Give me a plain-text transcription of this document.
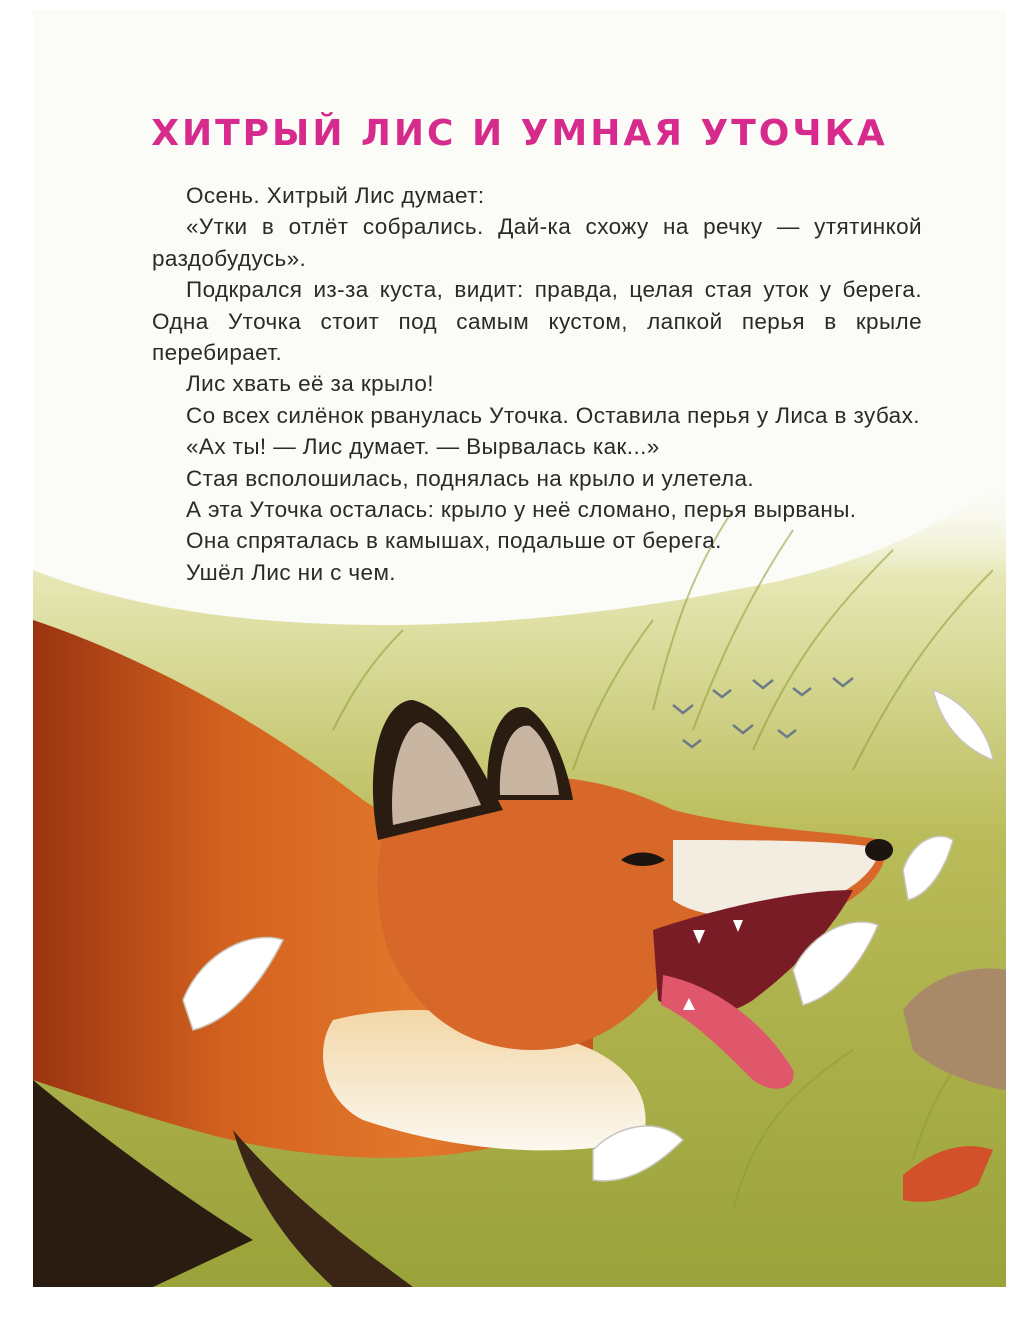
ХИТРЫЙ ЛИС И УМНАЯ УТОЧКА

Осень. Хитрый Лис думает:

«Утки в отлёт собрались. Дай-ка схожу на речку — утятинкой раздобудусь».

Подкрался из-за куста, видит: правда, целая стая уток у берега. Одна Уточка стоит под самым кустом, лапкой перья в крыле перебирает.

Лис хвать её за крыло!

Со всех силёнок рванулась Уточка. Оставила перья у Лиса в зубах.

«Ах ты! — Лис думает. — Вырвалась как...»

Стая всполошилась, поднялась на крыло и улетела.

А эта Уточка осталась: крыло у неё сломано, перья вырваны.

Она спряталась в камышах, подальше от берега.

Ушёл Лис ни с чем.
